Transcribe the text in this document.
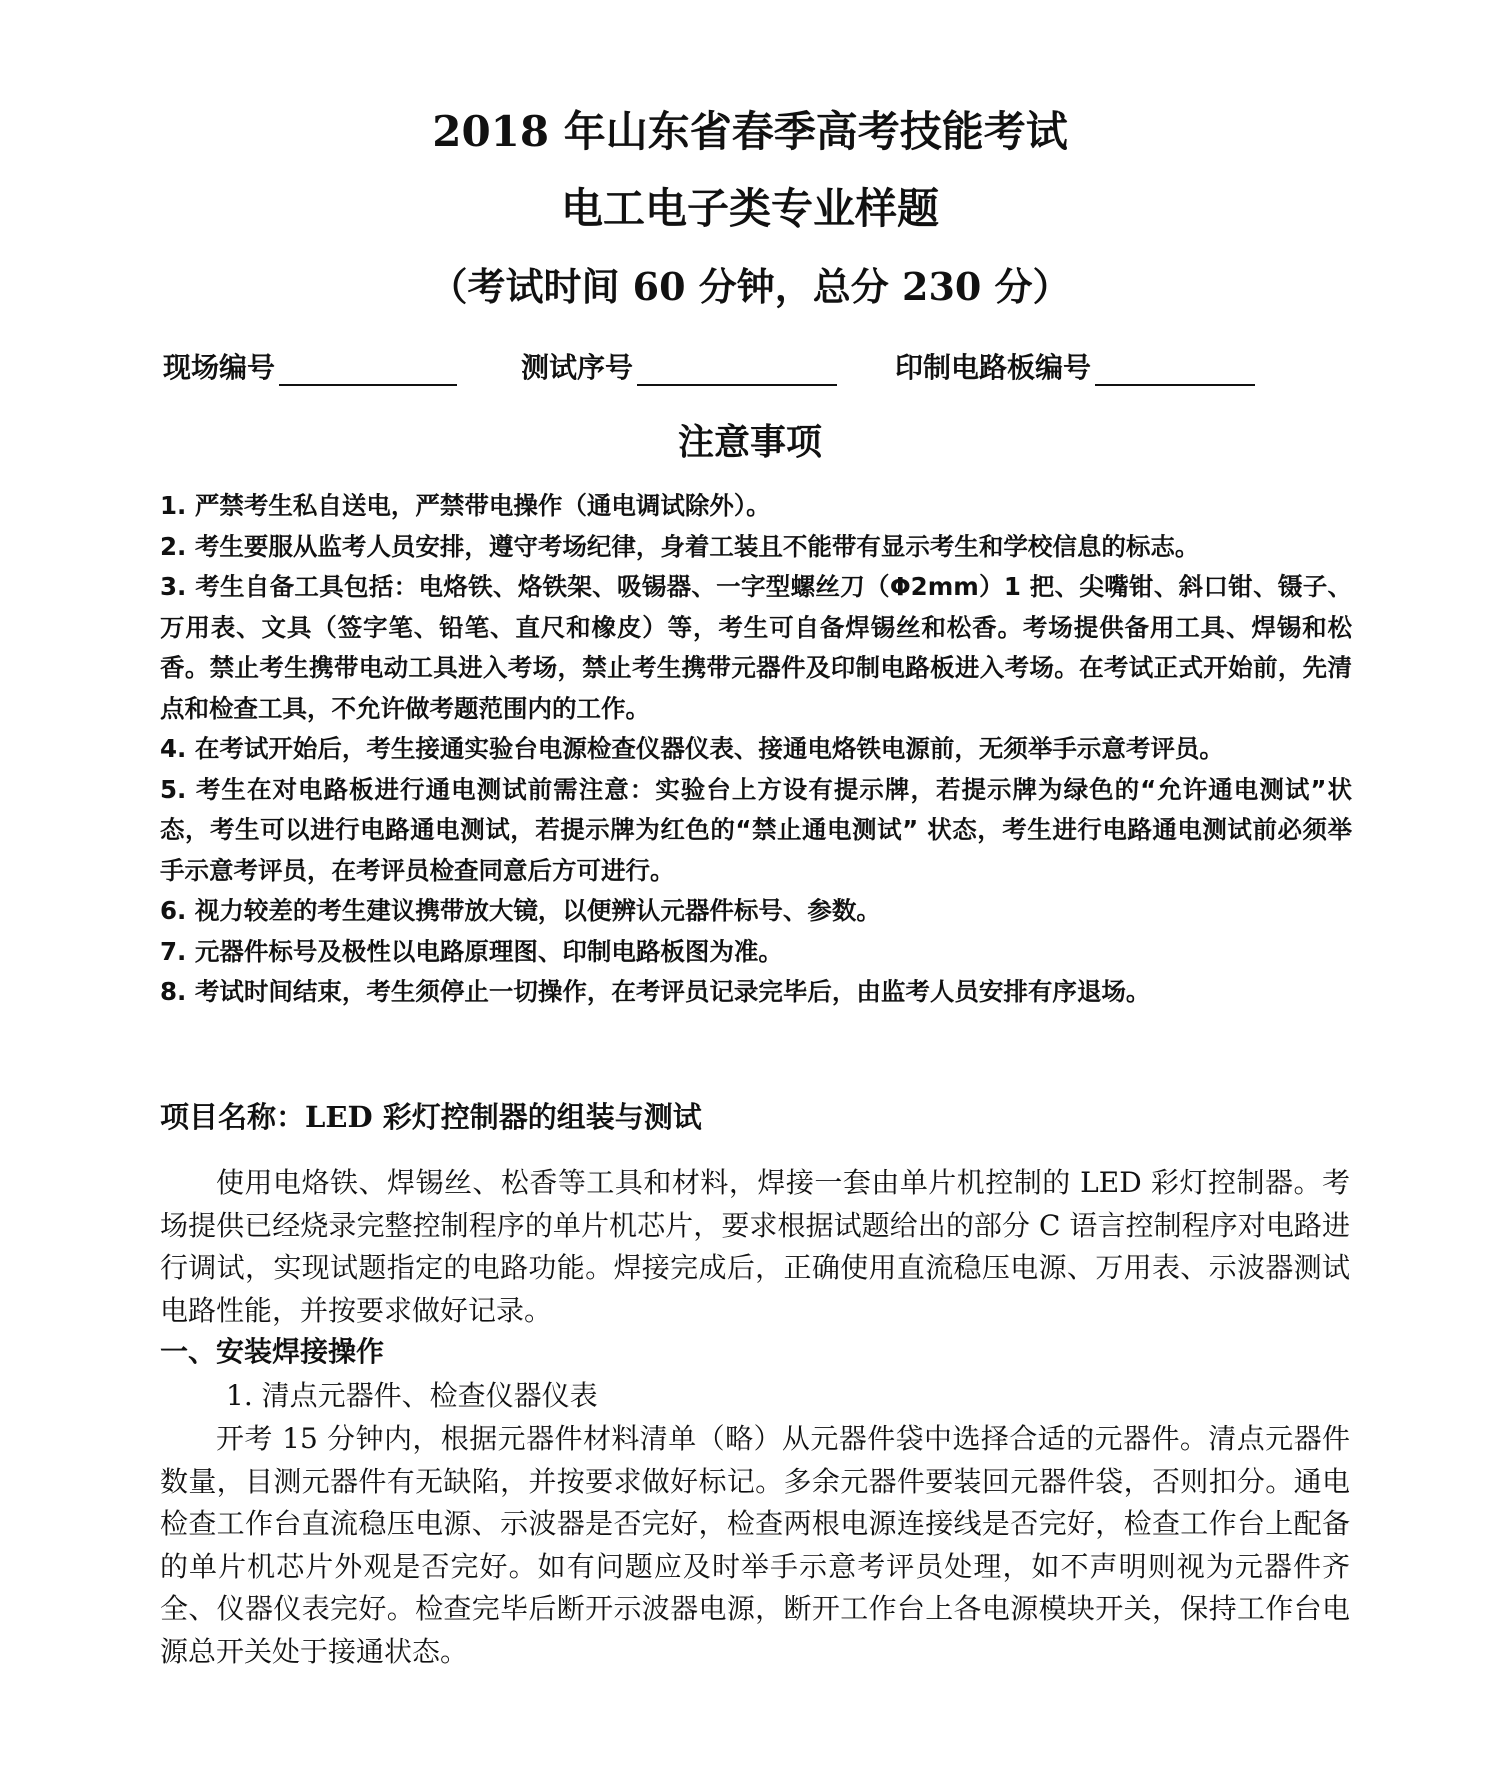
2018 年山东省春季高考技能考试
电工电子类专业样题
（考试时间 60 分钟，总分 230 分）
现场编号	测试序号	印制电路板编号
注意事项
1. 严禁考生私自送电，严禁带电操作（通电调试除外）。
2. 考生要服从监考人员安排，遵守考场纪律，身着工装且不能带有显示考生和学校信息的标志。
3. 考生自备工具包括：电烙铁、烙铁架、吸锡器、一字型螺丝刀（Φ2mm）1 把、尖嘴钳、斜口钳、镊子、万用表、文具（签字笔、铅笔、直尺和橡皮）等，考生可自备焊锡丝和松香。考场提供备用工具、焊锡和松香。禁止考生携带电动工具进入考场，禁止考生携带元器件及印制电路板进入考场。在考试正式开始前，先清点和检查工具，不允许做考题范围内的工作。
4. 在考试开始后，考生接通实验台电源检查仪器仪表、接通电烙铁电源前，无须举手示意考评员。
5. 考生在对电路板进行通电测试前需注意：实验台上方设有提示牌，若提示牌为绿色的“允许通电测试”状态，考生可以进行电路通电测试，若提示牌为红色的“禁止通电测试” 状态，考生进行电路通电测试前必须举手示意考评员，在考评员检查同意后方可进行。
6. 视力较差的考生建议携带放大镜，以便辨认元器件标号、参数。
7. 元器件标号及极性以电路原理图、印制电路板图为准。
8. 考试时间结束，考生须停止一切操作，在考评员记录完毕后，由监考人员安排有序退场。
项目名称：LED 彩灯控制器的组装与测试

使用电烙铁、焊锡丝、松香等工具和材料，焊接一套由单片机控制的 LED 彩灯控制器。考场提供已经烧录完整控制程序的单片机芯片，要求根据试题给出的部分 C 语言控制程序对电路进行调试，实现试题指定的电路功能。焊接完成后，正确使用直流稳压电源、万用表、示波器测试电路性能，并按要求做好记录。

一、安装焊接操作
1. 清点元器件、检查仪器仪表

开考 15 分钟内，根据元器件材料清单（略）从元器件袋中选择合适的元器件。清点元器件数量，目测元器件有无缺陷，并按要求做好标记。多余元器件要装回元器件袋，否则扣分。通电检查工作台直流稳压电源、示波器是否完好，检查两根电源连接线是否完好，检查工作台上配备的单片机芯片外观是否完好。如有问题应及时举手示意考评员处理，如不声明则视为元器件齐全、仪器仪表完好。检查完毕后断开示波器电源，断开工作台上各电源模块开关，保持工作台电源总开关处于接通状态。
